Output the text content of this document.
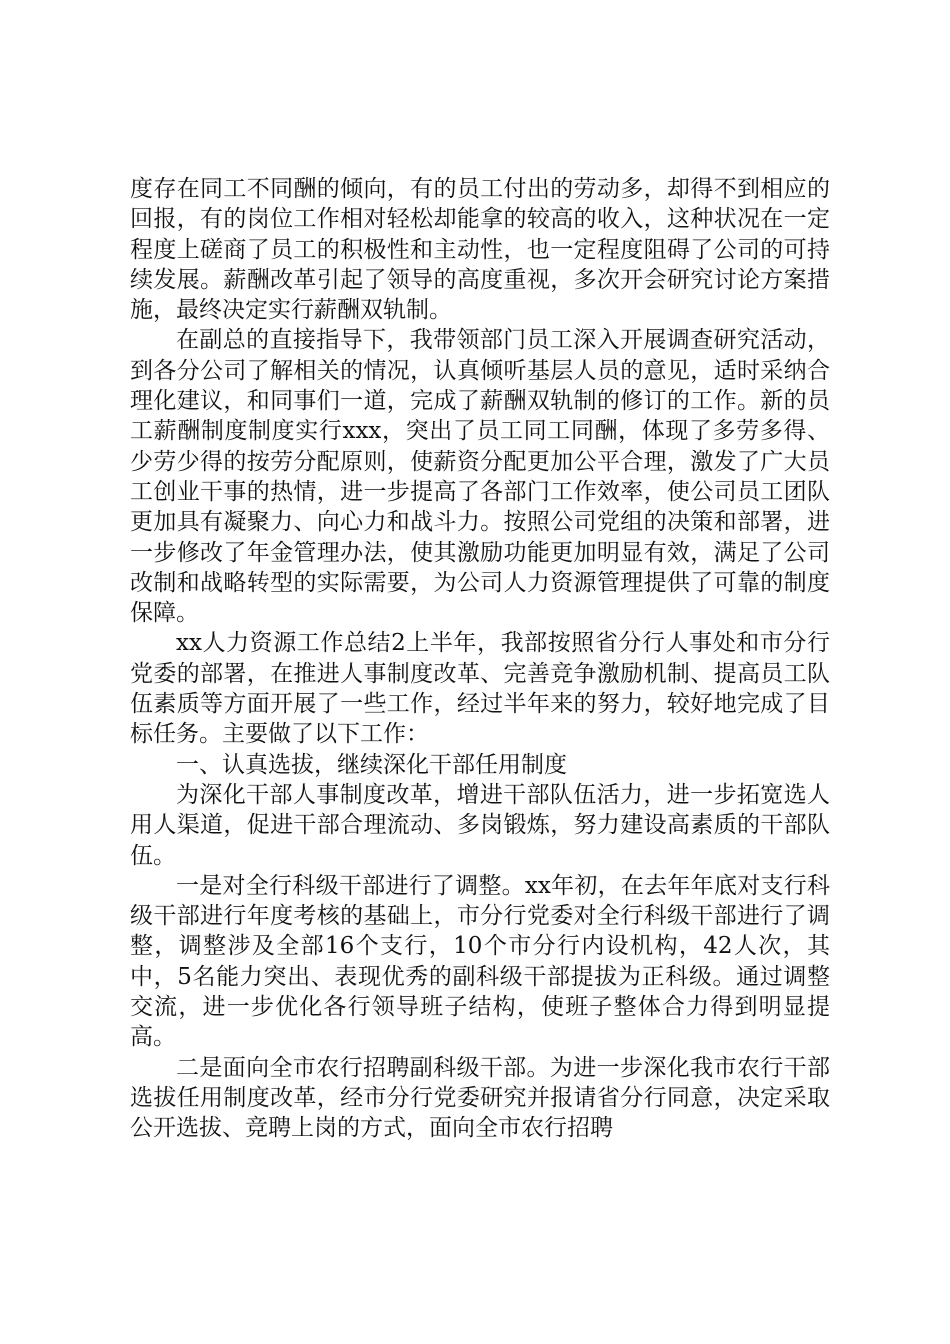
度存在同工不同酬的倾向，有的员工付出的劳动多，却得不到相应的回报，有的岗位工作相对轻松却能拿的较高的收入，这种状况在一定程度上磋商了员工的积极性和主动性，也一定程度阻碍了公司的可持续发展。薪酬改革引起了领导的高度重视，多次开会研究讨论方案措施，最终决定实行薪酬双轨制。

在副总的直接指导下，我带领部门员工深入开展调查研究活动，到各分公司了解相关的情况，认真倾听基层人员的意见，适时采纳合理化建议，和同事们一道，完成了薪酬双轨制的修订的工作。新的员工薪酬制度制度实行xxx，突出了员工同工同酬，体现了多劳多得、少劳少得的按劳分配原则，使薪资分配更加公平合理，激发了广大员工创业干事的热情，进一步提高了各部门工作效率，使公司员工团队更加具有凝聚力、向心力和战斗力。按照公司党组的决策和部署，进一步修改了年金管理办法，使其激励功能更加明显有效，满足了公司改制和战略转型的实际需要，为公司人力资源管理提供了可靠的制度保障。

xx人力资源工作总结2上半年，我部按照省分行人事处和市分行党委的部署，在推进人事制度改革、完善竞争激励机制、提高员工队伍素质等方面开展了一些工作，经过半年来的努力，较好地完成了目标任务。主要做了以下工作：

一、认真选拔，继续深化干部任用制度

为深化干部人事制度改革，增进干部队伍活力，进一步拓宽选人用人渠道，促进干部合理流动、多岗锻炼，努力建设高素质的干部队伍。

一是对全行科级干部进行了调整。xx年初，在去年年底对支行科级干部进行年度考核的基础上，市分行党委对全行科级干部进行了调整，调整涉及全部16个支行，10个市分行内设机构，42人次，其中，5名能力突出、表现优秀的副科级干部提拔为正科级。通过调整交流，进一步优化各行领导班子结构，使班子整体合力得到明显提高。

二是面向全市农行招聘副科级干部。为进一步深化我市农行干部选拔任用制度改革，经市分行党委研究并报请省分行同意，决定采取公开选拔、竞聘上岗的方式，面向全市农行招聘
